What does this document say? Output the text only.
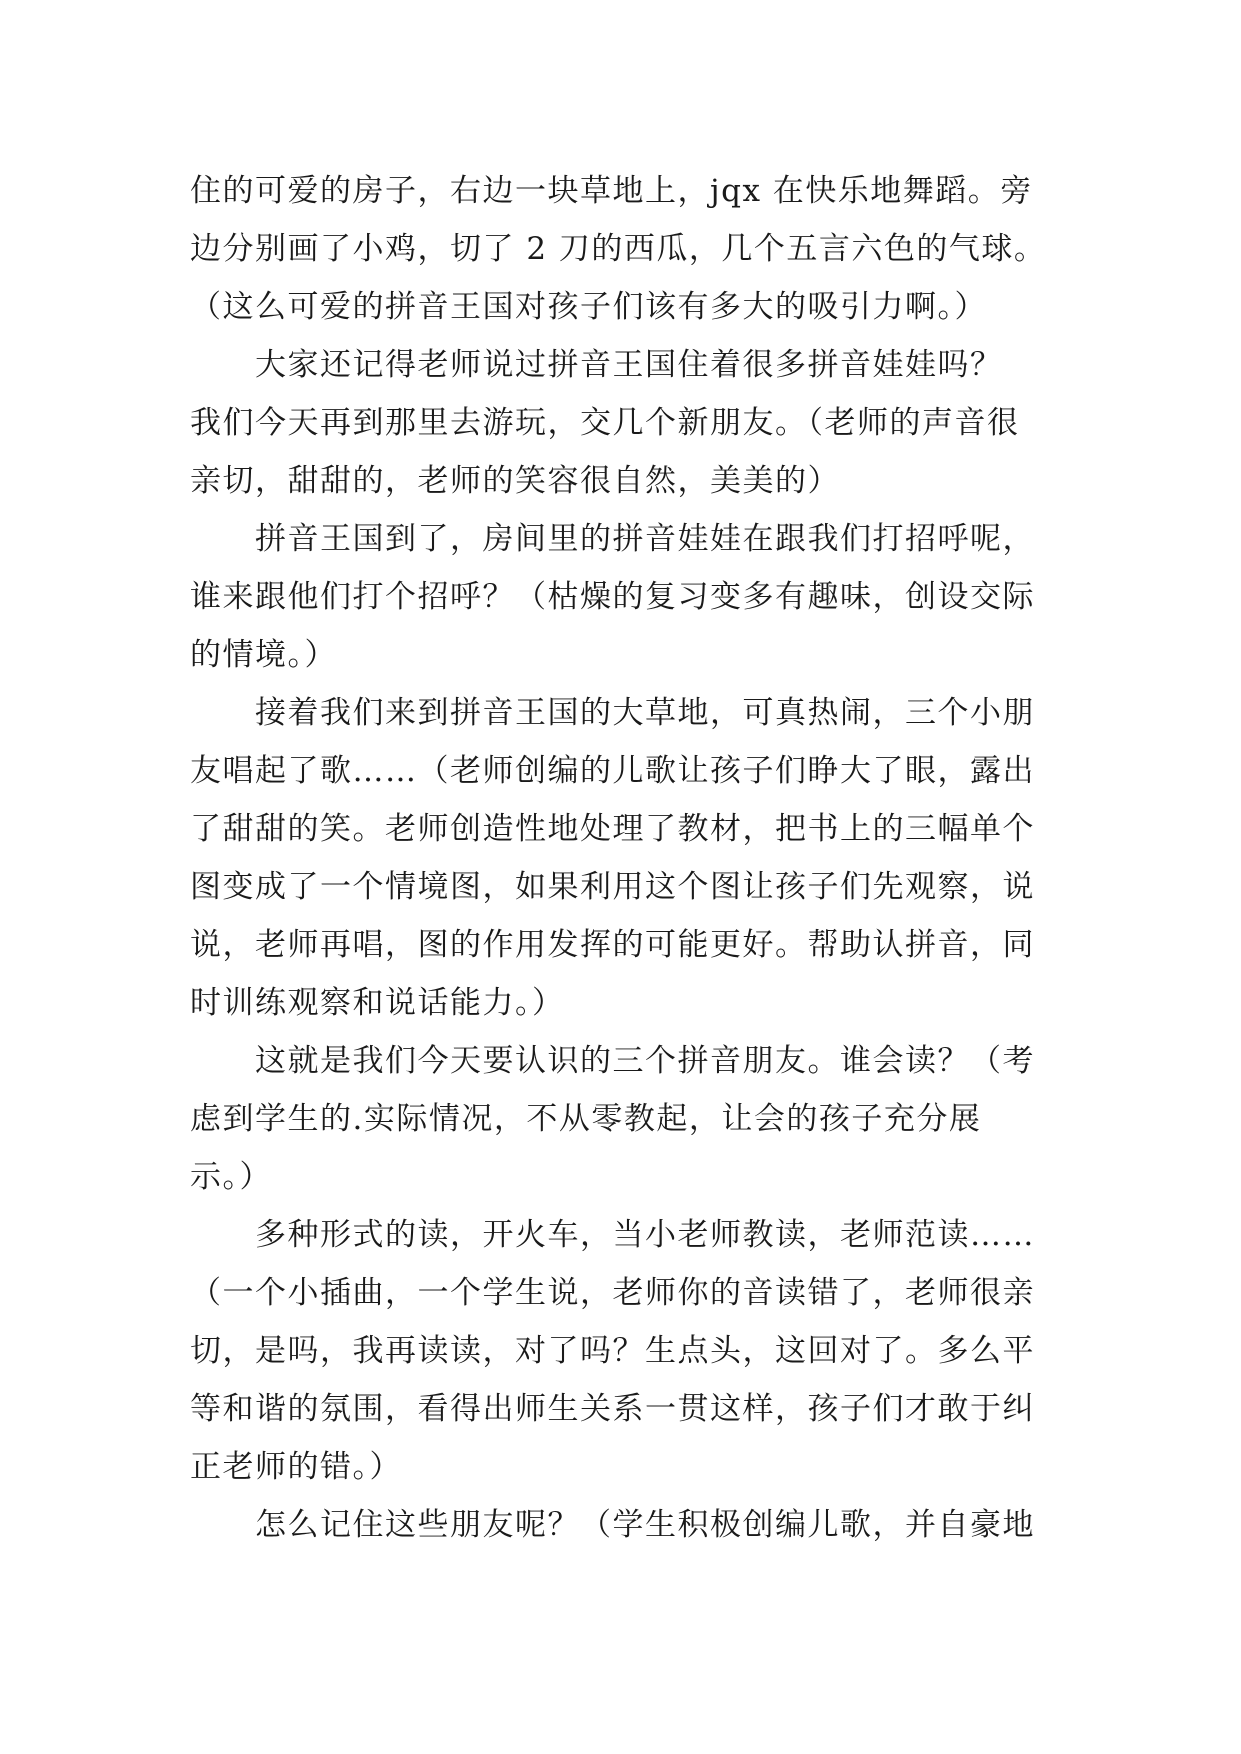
住的可爱的房子，右边一块草地上，jqx 在快乐地舞蹈。旁
边分别画了小鸡，切了 2 刀的西瓜，几个五言六色的气球。
（这么可爱的拼音王国对孩子们该有多大的吸引力啊。）
大家还记得老师说过拼音王国住着很多拼音娃娃吗？
我们今天再到那里去游玩，交几个新朋友。（老师的声音很
亲切，甜甜的，老师的笑容很自然，美美的）
拼音王国到了，房间里的拼音娃娃在跟我们打招呼呢，
谁来跟他们打个招呼？（枯燥的复习变多有趣味，创设交际
的情境。）
接着我们来到拼音王国的大草地，可真热闹，三个小朋
友唱起了歌……（老师创编的儿歌让孩子们睁大了眼，露出
了甜甜的笑。老师创造性地处理了教材，把书上的三幅单个
图变成了一个情境图，如果利用这个图让孩子们先观察，说
说，老师再唱，图的作用发挥的可能更好。帮助认拼音，同
时训练观察和说话能力。）
这就是我们今天要认识的三个拼音朋友。谁会读？（考
虑到学生的.实际情况，不从零教起，让会的孩子充分展
示。）
多种形式的读，开火车，当小老师教读，老师范读……
（一个小插曲，一个学生说，老师你的音读错了，老师很亲
切，是吗，我再读读，对了吗？生点头，这回对了。多么平
等和谐的氛围，看得出师生关系一贯这样，孩子们才敢于纠
正老师的错。）
怎么记住这些朋友呢？（学生积极创编儿歌，并自豪地
